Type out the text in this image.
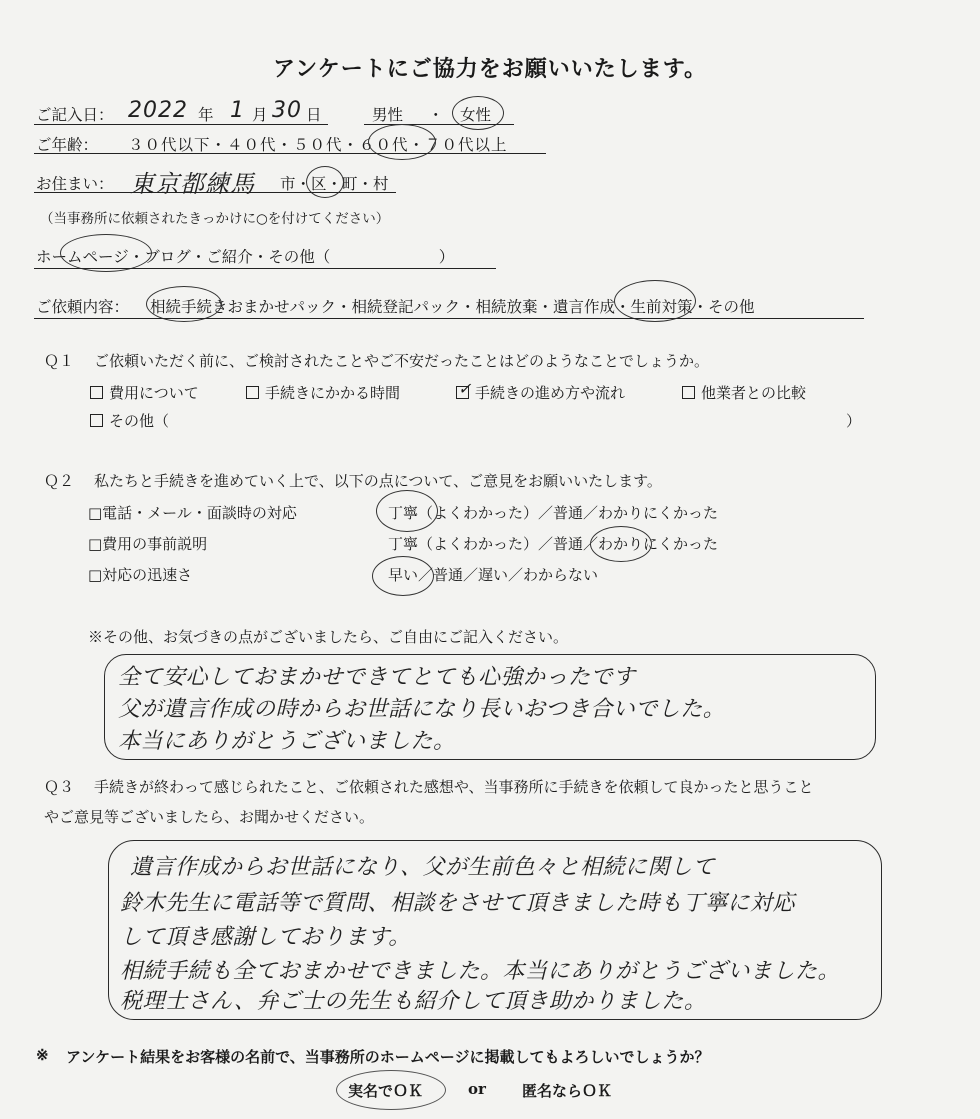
アンケートにご協力をお願いいたします。
ご記入日： 2022 年 1 月 30 日	男性 ・ 女性
ご年齢： ３０代以下・４０代・５０代・６０代・７０代以上
お住まい： 東京都練馬 市・区・町・村
（当事務所に依頼されたきっかけに○を付けてください）
ホームページ・ブログ・ご紹介・その他（　　　　　　　）
ご依頼内容： 相続手続きおまかせパック・相続登記パック・相続放棄・遺言作成・生前対策・その他
Ｑ１ ご依頼いただく前に、ご検討されたことやご不安だったことはどのようなことでしょうか。
費用について	手続きにかかる時間	✓ 手続きの進め方や流れ	他業者との比較
その他（	）
Ｑ２ 私たちと手続きを進めていく上で、以下の点について、ご意見をお願いいたします。
□電話・メール・面談時の対応	丁寧（よくわかった）／普通／わかりにくかった
□費用の事前説明	丁寧（よくわかった）／普通／わかりにくかった
□対応の迅速さ	早い／普通／遅い／わからない
※その他、お気づきの点がございましたら、ご自由にご記入ください。
全て安心しておまかせできてとても心強かったです
父が遺言作成の時からお世話になり長いおつき合いでした。
本当にありがとうございました。
Ｑ３ 手続きが終わって感じられたこと、ご依頼された感想や、当事務所に手続きを依頼して良かったと思うこと
やご意見等ございましたら、お聞かせください。
遺言作成からお世話になり、父が生前色々と相続に関して
鈴木先生に電話等で質問、相談をさせて頂きました時も丁寧に対応
して頂き感謝しております。
相続手続も全ておまかせできました。本当にありがとうございました。
税理士さん、弁ご士の先生も紹介して頂き助かりました。
※ アンケート結果をお客様の名前で、当事務所のホームページに掲載してもよろしいでしょうか？
実名でＯＫ	or 匿名ならＯＫ
